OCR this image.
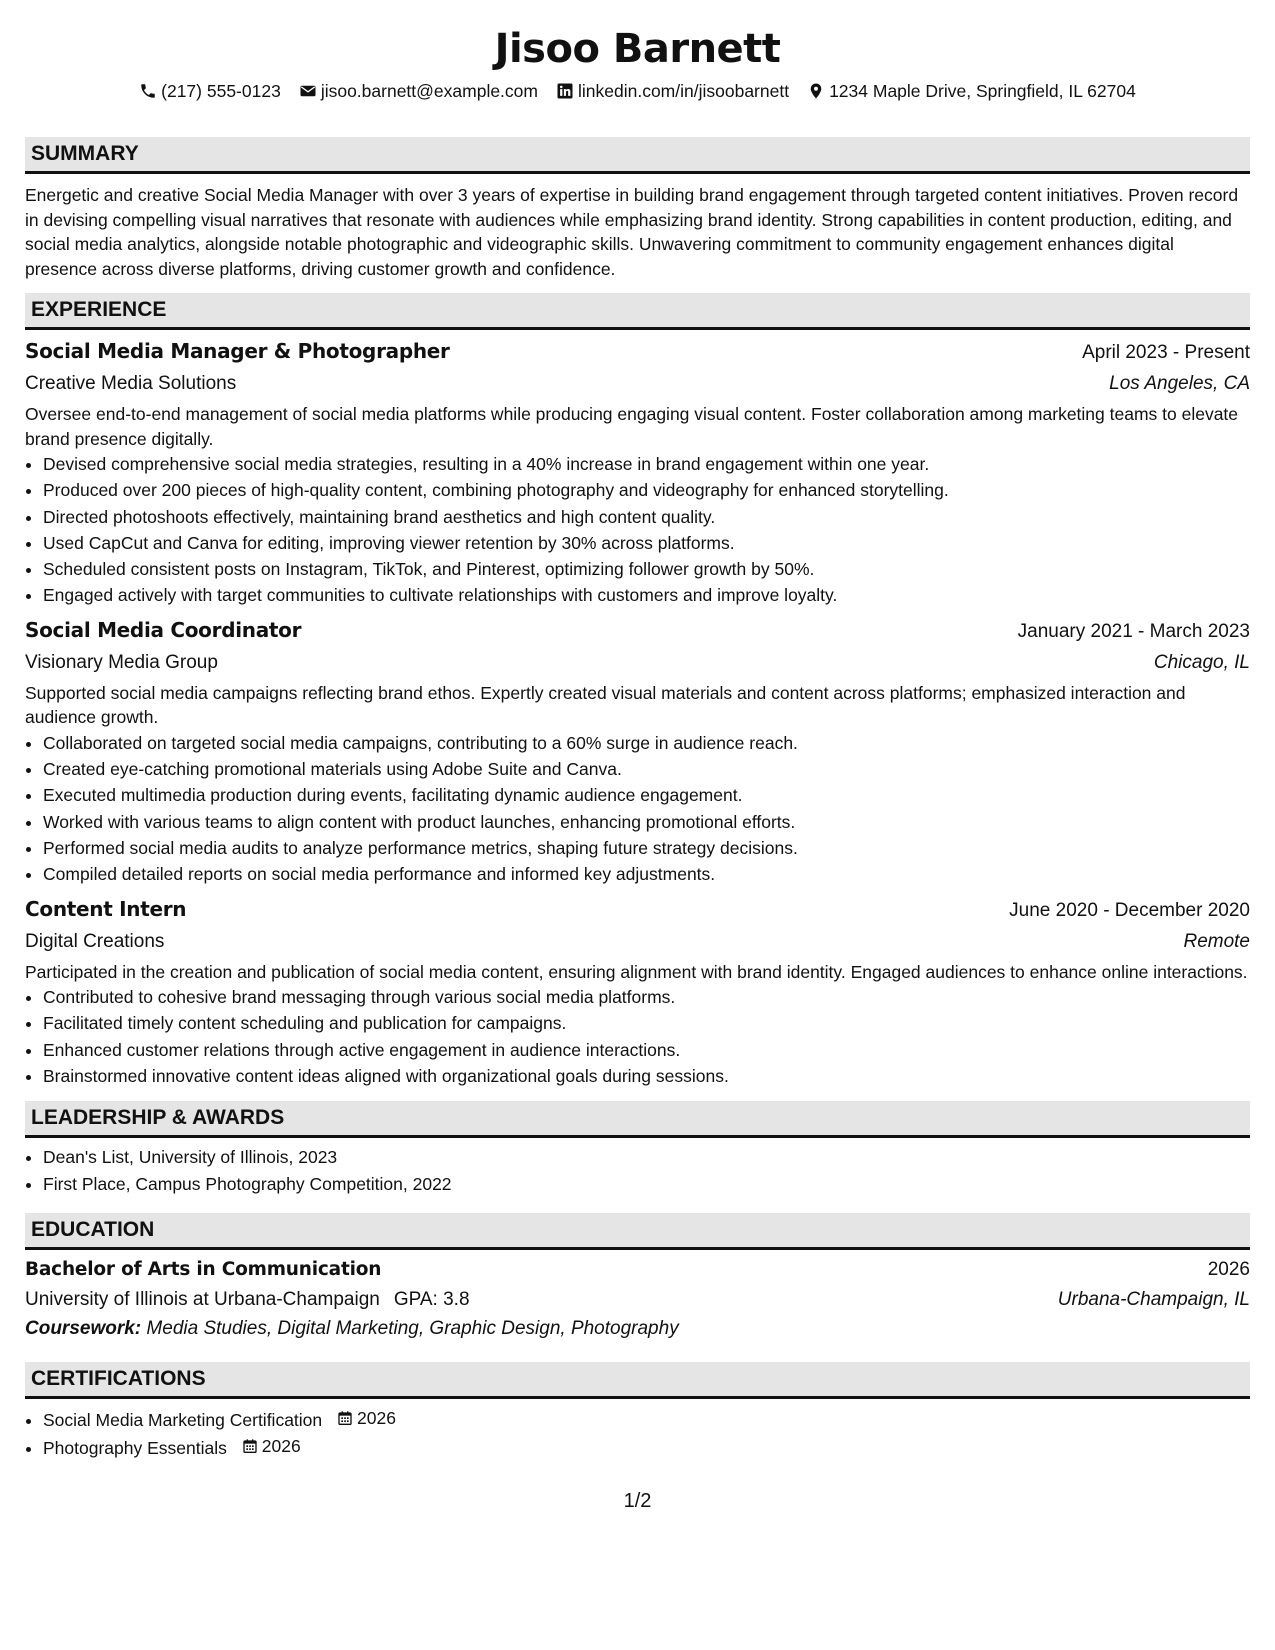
Jisoo Barnett
(217) 555-0123 jisoo.barnett@example.com linkedin.com/in/jisoobarnett 1234 Maple Drive, Springfield, IL 62704
SUMMARY

Energetic and creative Social Media Manager with over 3 years of expertise in building brand engagement through targeted content initiatives. Proven record in devising compelling visual narratives that resonate with audiences while emphasizing brand identity. Strong capabilities in content production, editing, and social media analytics, alongside notable photographic and videographic skills. Unwavering commitment to community engagement enhances digital presence across diverse platforms, driving customer growth and confidence.

EXPERIENCE
Social Media Manager & Photographer	April 2023 - Present
Creative Media Solutions	Los Angeles, CA

Oversee end-to-end management of social media platforms while producing engaging visual content. Foster collaboration among marketing teams to elevate brand presence digitally.

• Devised comprehensive social media strategies, resulting in a 40% increase in brand engagement within one year.
• Produced over 200 pieces of high-quality content, combining photography and videography for enhanced storytelling.
• Directed photoshoots effectively, maintaining brand aesthetics and high content quality.
• Used CapCut and Canva for editing, improving viewer retention by 30% across platforms.
• Scheduled consistent posts on Instagram, TikTok, and Pinterest, optimizing follower growth by 50%.
• Engaged actively with target communities to cultivate relationships with customers and improve loyalty.
Social Media Coordinator	January 2021 - March 2023
Visionary Media Group	Chicago, IL

Supported social media campaigns reflecting brand ethos. Expertly created visual materials and content across platforms; emphasized interaction and audience growth.

• Collaborated on targeted social media campaigns, contributing to a 60% surge in audience reach.
• Created eye-catching promotional materials using Adobe Suite and Canva.
• Executed multimedia production during events, facilitating dynamic audience engagement.
• Worked with various teams to align content with product launches, enhancing promotional efforts.
• Performed social media audits to analyze performance metrics, shaping future strategy decisions.
• Compiled detailed reports on social media performance and informed key adjustments.
Content Intern	June 2020 - December 2020
Digital Creations	Remote

Participated in the creation and publication of social media content, ensuring alignment with brand identity. Engaged audiences to enhance online interactions.

• Contributed to cohesive brand messaging through various social media platforms.
• Facilitated timely content scheduling and publication for campaigns.
• Enhanced customer relations through active engagement in audience interactions.
• Brainstormed innovative content ideas aligned with organizational goals during sessions.
LEADERSHIP & AWARDS
• Dean's List, University of Illinois, 2023
• First Place, Campus Photography Competition, 2022
EDUCATION
Bachelor of Arts in Communication	2026
University of Illinois at Urbana-Champaign GPA: 3.8	Urbana-Champaign, IL
Coursework: Media Studies, Digital Marketing, Graphic Design, Photography
CERTIFICATIONS
• Social Media Marketing Certification 2026
• Photography Essentials 2026
1/2
